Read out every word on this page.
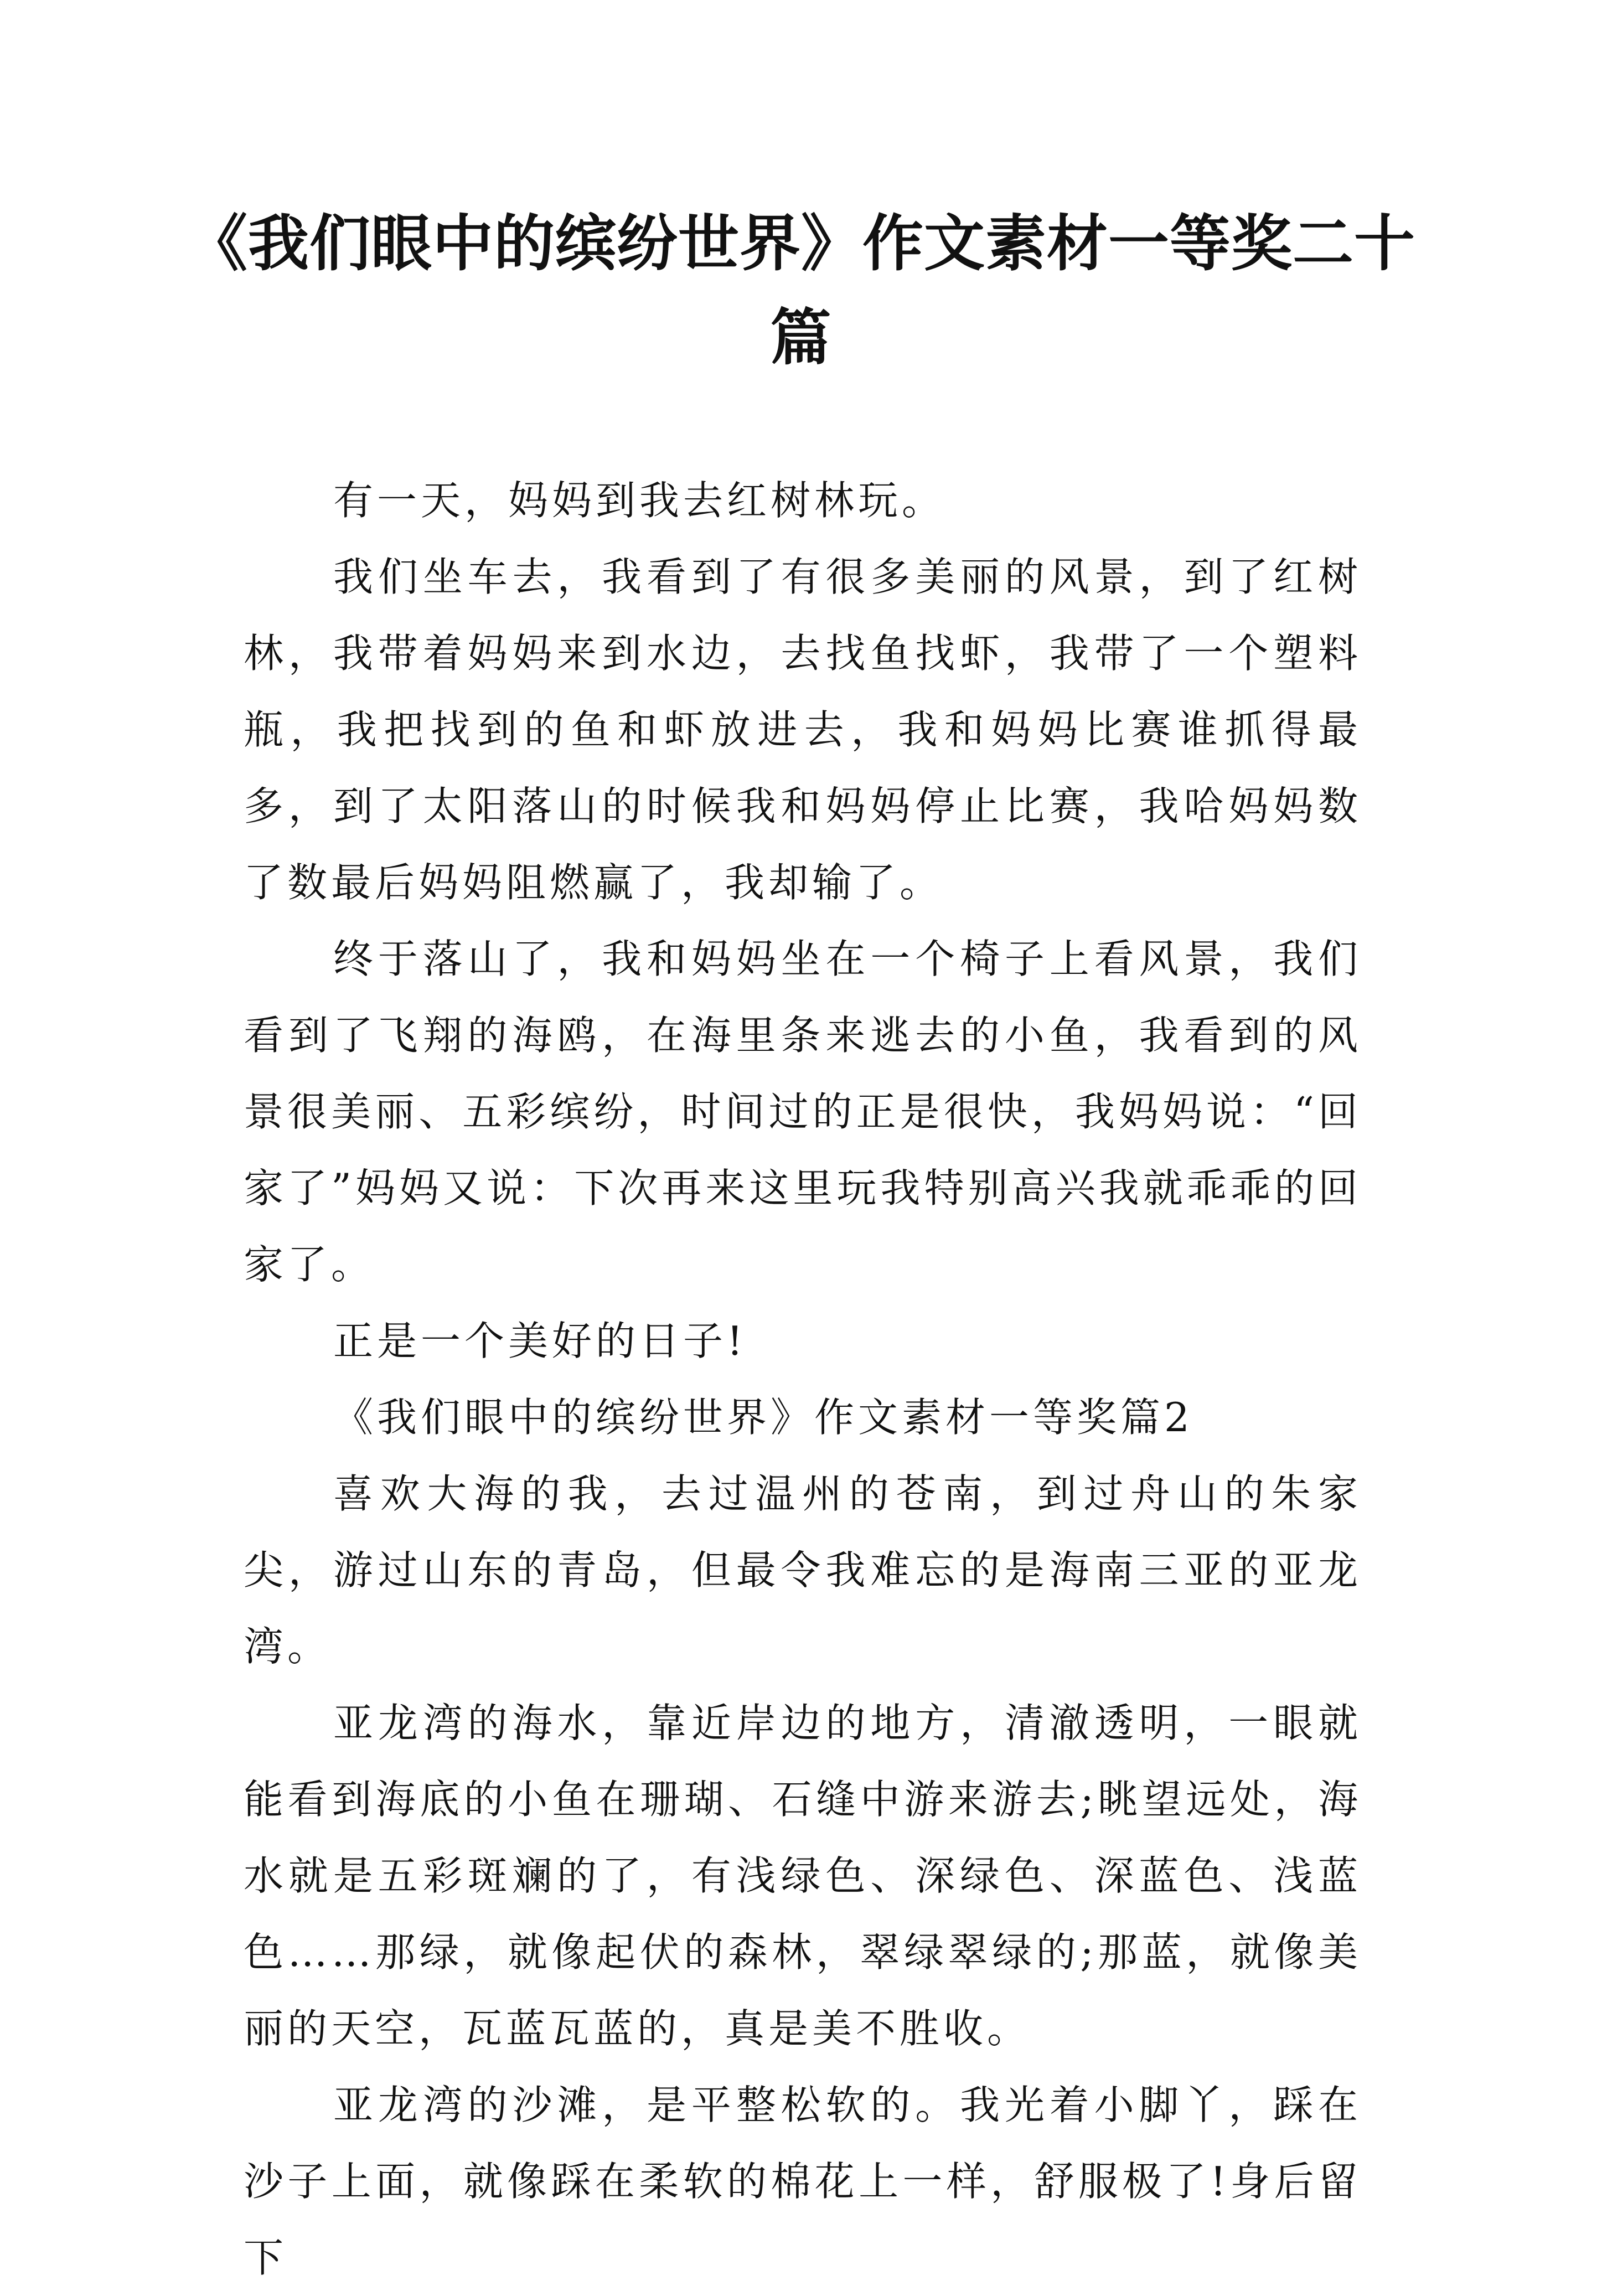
《我们眼中的缤纷世界》作文素材一等奖二十篇

有一天，妈妈到我去红树林玩。

我们坐车去，我看到了有很多美丽的风景，到了红树林，我带着妈妈来到水边，去找鱼找虾，我带了一个塑料瓶，我把找到的鱼和虾放进去，我和妈妈比赛谁抓得最多，到了太阳落山的时候我和妈妈停止比赛，我哈妈妈数了数最后妈妈阻燃赢了，我却输了。

终于落山了，我和妈妈坐在一个椅子上看风景，我们看到了飞翔的海鸥，在海里条来逃去的小鱼，我看到的风景很美丽、五彩缤纷，时间过的正是很快，我妈妈说：“回家了”妈妈又说：下次再来这里玩我特别高兴我就乖乖的回家了。

正是一个美好的日子!

《我们眼中的缤纷世界》作文素材一等奖篇2

喜欢大海的我，去过温州的苍南，到过舟山的朱家尖，游过山东的青岛，但最令我难忘的是海南三亚的亚龙湾。

亚龙湾的海水，靠近岸边的地方，清澈透明，一眼就能看到海底的小鱼在珊瑚、石缝中游来游去;眺望远处，海水就是五彩斑斓的了，有浅绿色、深绿色、深蓝色、浅蓝色……那绿，就像起伏的森林，翠绿翠绿的;那蓝，就像美丽的天空，瓦蓝瓦蓝的，真是美不胜收。

亚龙湾的沙滩，是平整松软的。我光着小脚丫，踩在沙子上面，就像踩在柔软的棉花上一样，舒服极了!身后留下
